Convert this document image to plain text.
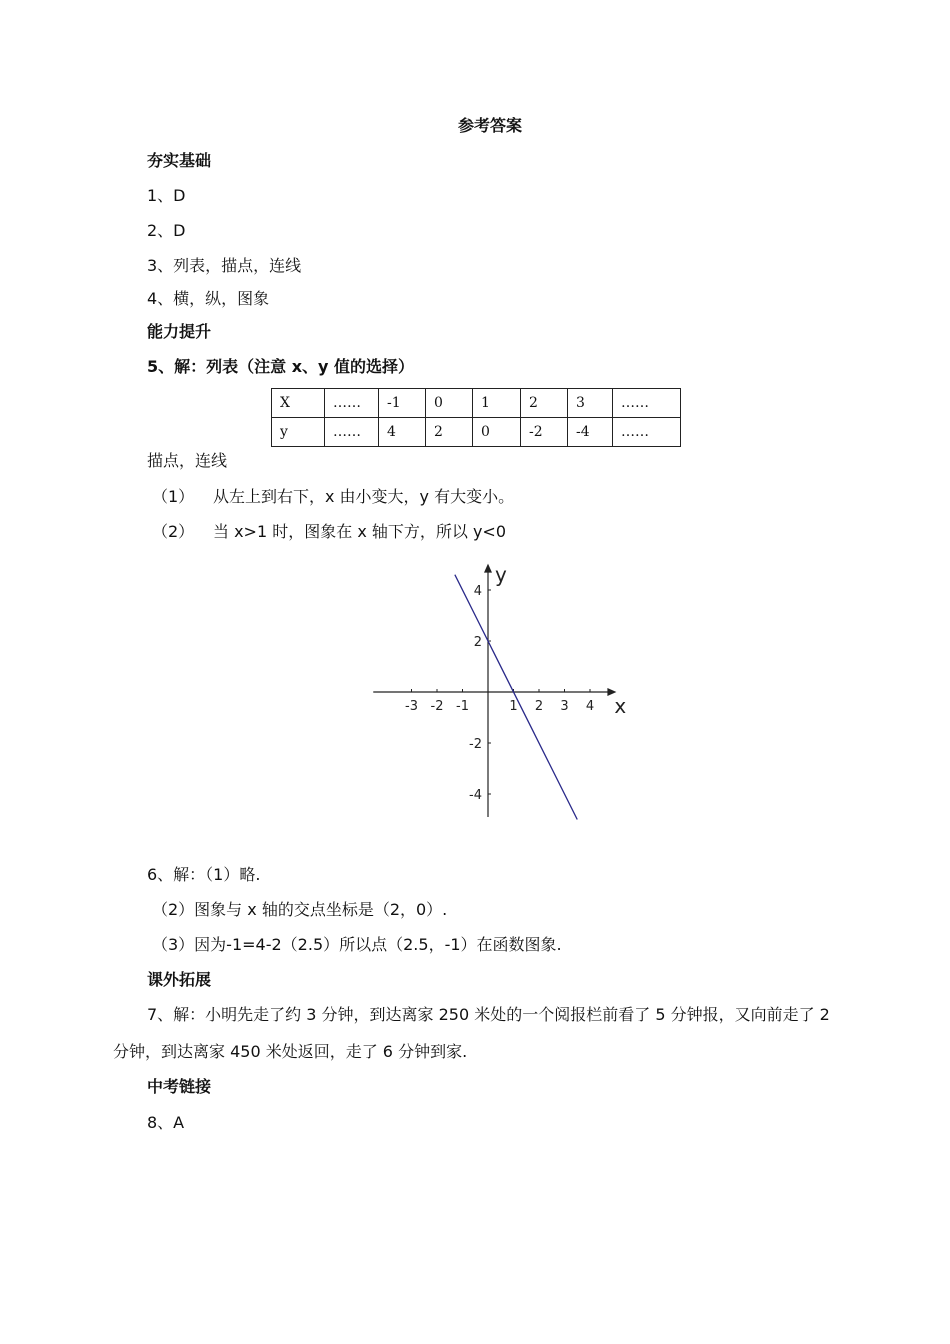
参考答案
夯实基础
1、D
2、D
3、列表，描点，连线
4、横，纵，图象
能力提升
5、解：列表（注意 x、y 值的选择）
X	……	-1	0	1	2	3	……
y	……	4	2	0	-2	-4	……
描点，连线
（1） 从左上到右下，x 由小变大，y 有大变小。
（2） 当 x>1 时，图象在 x 轴下方，所以 y<0
x
y
-3 -2 -1	1 2 3 4
4
2
-2
-4
6、解：（1）略.
（2）图象与 x 轴的交点坐标是（2，0）.
（3）因为-1=4-2（2.5）所以点（2.5，-1）在函数图象.
课外拓展
7、解：小明先走了约 3 分钟，到达离家 250 米处的一个阅报栏前看了 5 分钟报，又向前走了 2
分钟，到达离家 450 米处返回，走了 6 分钟到家.
中考链接
8、A
